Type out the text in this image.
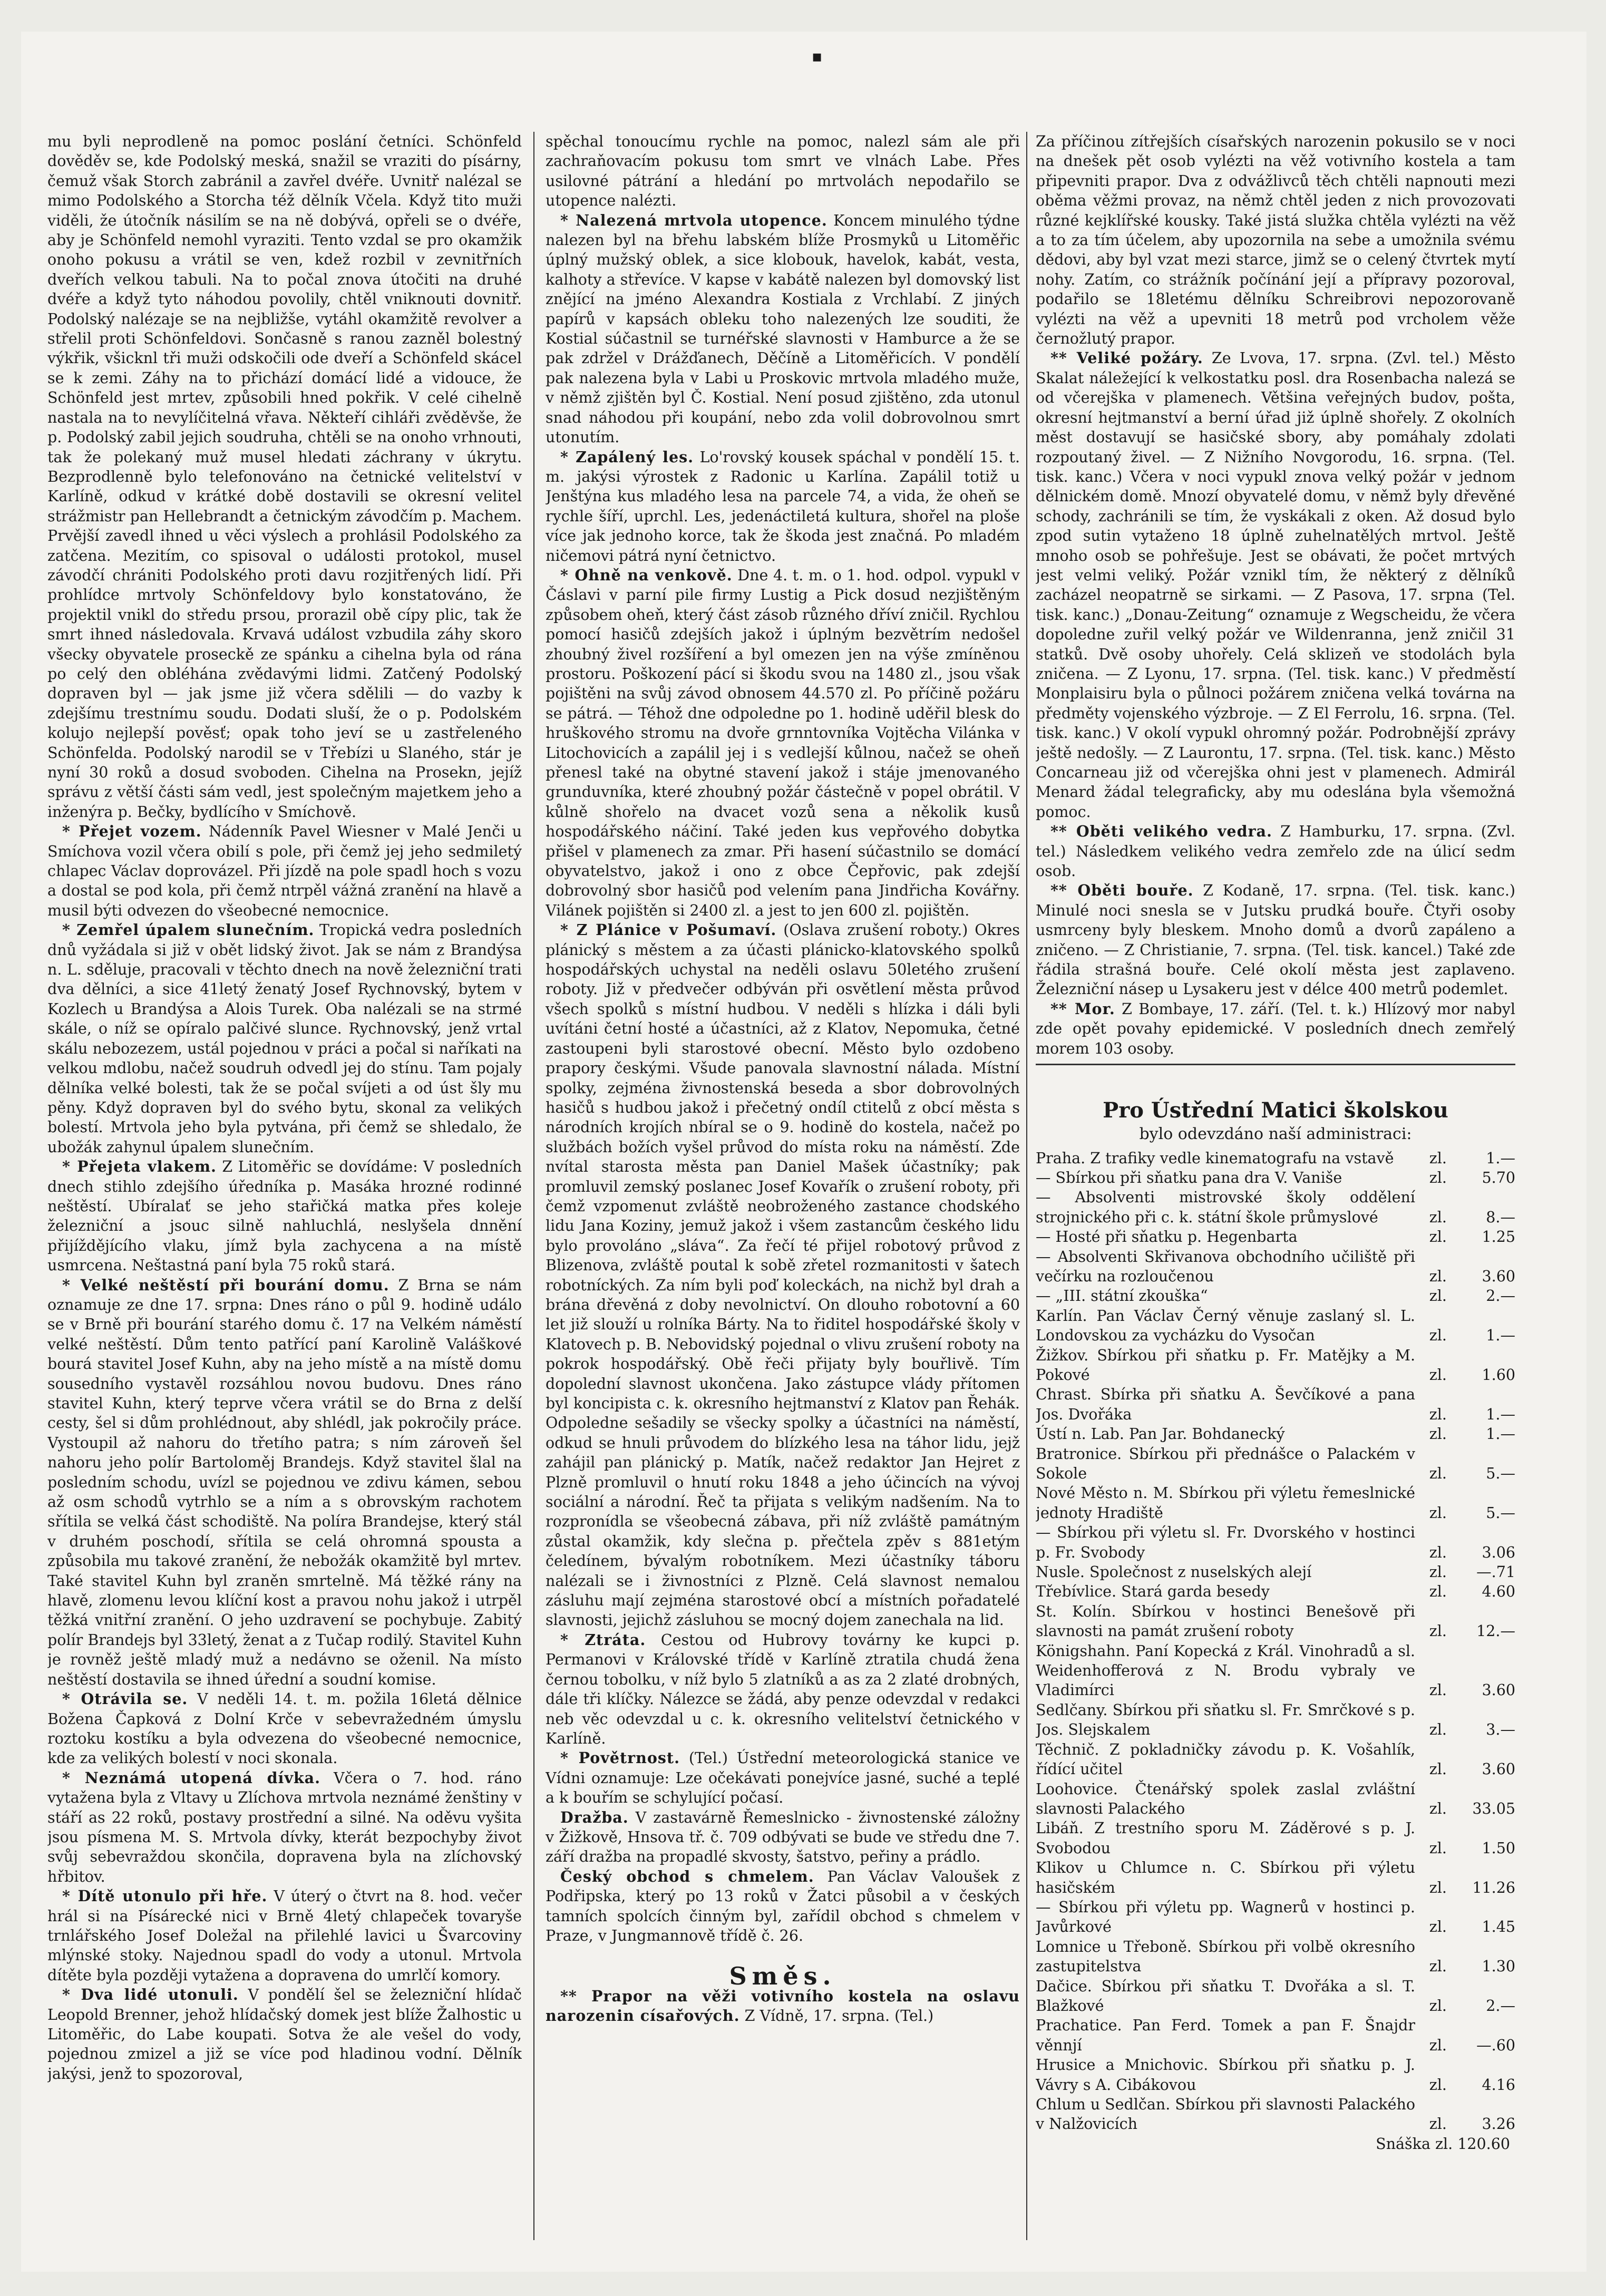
▪

mu byli neprodleně na pomoc poslání četníci. Schönfeld dověděv se, kde Podolský meská, snažil se vraziti do písárny, čemuž však Storch zabránil a zavřel dvéře. Uvnitř nalézal se mimo Podolského a Storcha též dělník Včela. Když tito muži viděli, že útočník násilím se na ně dobývá, opřeli se o dvéře, aby je Schönfeld nemohl vyraziti. Tento vzdal se pro okamžik onoho pokusu a vrátil se ven, kdež rozbil v zevnitřních dveřích velkou tabuli. Na to počal znova útočiti na druhé dvéře a když tyto náhodou povolily, chtěl vniknouti dovnitř. Podolský nalézaje se na nejbližše, vytáhl okamžitě revolver a střelil proti Schönfeldovi. Sončasně s ranou zazněl bolestný výkřik, všicknl tři muži odskočili ode dveří a Schönfeld skácel se k zemi. Záhy na to přichází domácí lidé a vidouce, že Schönfeld jest mrtev, způsobili hned pokřik. V celé cihelně nastala na to nevylíčitelná vřava. Někteří cihláři zvěděvše, že p. Podolský zabil jejich soudruha, chtěli se na onoho vrhnouti, tak že polekaný muž musel hledati záchrany v úkrytu. Bezprodlenně bylo telefonováno na četnické velitelství v Karlíně, odkud v krátké době dostavili se okresní velitel strážmistr pan Hellebrandt a četnickým závodčím p. Machem. Prvější zavedl ihned u věci výslech a prohlásil Podolského za zatčena. Mezitím, co spisoval o události protokol, musel závodčí chrániti Podolského proti davu rozjitřených lidí. Při prohlídce mrtvoly Schönfeldovy bylo konstatováno, že projektil vnikl do středu prsou, prorazil obě cípy plic, tak že smrt ihned následovala. Krvavá událost vzbudila záhy skoro všecky obyvatele proseckě ze spánku a cihelna byla od rána po celý den obléhána zvědavými lidmi. Zatčený Podolský dopraven byl — jak jsme již včera sdělili — do vazby k zdejšímu trestnímu soudu. Dodati sluší, že o p. Podolském kolujo nejlepší pověsť; opak toho jeví se u zastřeleného Schönfelda. Podolský narodil se v Třebízi u Slaného, stár je nyní 30 roků a dosud svoboden. Cihelna na Prosekn, jejíž správu z větší části sám vedl, jest společným majetkem jeho a inženýra p. Bečky, bydlícího v Smíchově.

* Přejet vozem. Nádenník Pavel Wiesner v Malé Jenči u Smíchova vozil včera obilí s pole, při čemž jej jeho sedmiletý chlapec Václav doprovázel. Při jízdě na pole spadl hoch s vozu a dostal se pod kola, při čemž ntrpěl vážná zranění na hlavě a musil býti odvezen do všeobecné nemocnice.

* Zemřel úpalem slunečním. Tropická vedra posledních dnů vyžádala si již v obět lidský život. Jak se nám z Brandýsa n. L. sděluje, pracovali v těchto dnech na nově železniční trati dva dělníci, a sice 41letý ženatý Josef Rychnovský, bytem v Kozlech u Brandýsa a Alois Turek. Oba nalézali se na strmé skále, o níž se opíralo palčivé slunce. Rychnovský, jenž vrtal skálu nebozezem, ustál pojednou v práci a počal si naříkati na velkou mdlobu, načež soudruh odvedl jej do stínu. Tam pojaly dělníka velké bolesti, tak že se počal svíjeti a od úst šly mu pěny. Když dopraven byl do svého bytu, skonal za velikých bolestí. Mrtvola jeho byla pytvána, při čemž se shledalo, že ubožák zahynul úpalem slunečním.

* Přejeta vlakem. Z Litoměřic se dovídáme: V posledních dnech stihlo zdejšího úředníka p. Masáka hrozné rodinné neštěstí. Ubíralať se jeho stařičká matka přes koleje železniční a jsouc silně nahluchlá, neslyšela dnnění přijíždějícího vlaku, jímž byla zachycena a na místě usmrcena. Neštastná paní byla 75 roků stará.

* Velké neštěstí při bourání domu. Z Brna se nám oznamuje ze dne 17. srpna: Dnes ráno o půl 9. hodině událo se v Brně při bourání starého domu č. 17 na Velkém náměstí velké neštěstí. Dům tento patřící paní Karolině Valáškové bourá stavitel Josef Kuhn, aby na jeho místě a na místě domu sousedního vystavěl rozsáhlou novou budovu. Dnes ráno stavitel Kuhn, který teprve včera vrátil se do Brna z delší cesty, šel si dům prohlédnout, aby shlédl, jak pokročily práce. Vystoupil až nahoru do třetího patra; s ním zároveň šel nahoru jeho polír Bartoloměj Brandejs. Když stavitel šlal na posledním schodu, uvízl se pojednou ve zdivu kámen, sebou až osm schodů vytrhlo se a ním a s obrovským rachotem sřítila se velká část schodiště. Na políra Brandejse, který stál v druhém poschodí, sřítila se celá ohromná spousta a způsobila mu takové zranění, že nebožák okamžitě byl mrtev. Také stavitel Kuhn byl zraněn smrtelně. Má těžké rány na hlavě, zlomenu levou klíční kost a pravou nohu jakož i utrpěl těžká vnitřní zranění. O jeho uzdravení se pochybuje. Zabitý polír Brandejs byl 33letý, ženat a z Tučap rodilý. Stavitel Kuhn je rovněž ještě mladý muž a nedávno se oženil. Na místo neštěstí dostavila se ihned úřední a soudní komise.

* Otrávila se. V neděli 14. t. m. požila 16letá dělnice Božena Čapková z Dolní Krče v sebevražedném úmyslu roztoku kostíku a byla odvezena do všeobecné nemocnice, kde za velikých bolestí v noci skonala.

* Neznámá utopená dívka. Včera o 7. hod. ráno vytažena byla z Vltavy u Zlíchova mrtvola neznámé ženštiny v stáří as 22 roků, postavy prostřední a silné. Na oděvu vyšita jsou písmena M. S. Mrtvola dívky, kterát bezpochyby život svůj sebevraždou skončila, dopravena byla na zlíchovský hřbitov.

* Dítě utonulo při hře. V úterý o čtvrt na 8. hod. večer hrál si na Písárecké nici v Brně 4letý chlapeček tovaryše trnlářského Josef Doležal na přilehlé lavici u Švarcoviny mlýnské stoky. Najednou spadl do vody a utonul. Mrtvola dítěte byla později vytažena a dopravena do umrlčí komory.

* Dva lidé utonuli. V pondělí šel se železniční hlídač Leopold Brenner, jehož hlídačský domek jest blíže Žalhostic u Litoměřic, do Labe koupati. Sotva že ale vešel do vody, pojednou zmizel a již se více pod hladinou vodní. Dělník jakýsi, jenž to spozoroval,

spěchal tonoucímu rychle na pomoc, nalezl sám ale při zachraňovacím pokusu tom smrt ve vlnách Labe. Přes usilovné pátrání a hledání po mrtvolách nepodařilo se utopence nalézti.

* Nalezená mrtvola utopence. Koncem minulého týdne nalezen byl na břehu labském blíže Prosmyků u Litoměřic úplný mužský oblek, a sice klobouk, havelok, kabát, vesta, kalhoty a střevíce. V kapse v kabátě nalezen byl domovský list znějící na jméno Alexandra Kostiala z Vrchlabí. Z jiných papírů v kapsách obleku toho nalezených lze souditi, že Kostial súčastnil se turnéřské slavnosti v Hamburce a že se pak zdržel v Drážďanech, Děčíně a Litoměřicích. V pondělí pak nalezena byla v Labi u Proskovic mrtvola mladého muže, v němž zjištěn byl Č. Kostial. Není posud zjištěno, zda utonul snad náhodou při koupání, nebo zda volil dobrovolnou smrt utonutím.

* Zapálený les. Lo'rovský kousek spáchal v pondělí 15. t. m. jakýsi výrostek z Radonic u Karlína. Zapálil totiž u Jenštýna kus mladého lesa na parcele 74, a vida, že oheň se rychle šíří, uprchl. Les, jedenáctiletá kultura, shořel na ploše více jak jednoho korce, tak že škoda jest značná. Po mladém ničemovi pátrá nyní četnictvo.

* Ohně na venkově. Dne 4. t. m. o 1. hod. odpol. vypukl v Čáslavi v parní pile firmy Lustig a Pick dosud nezjištěným způsobem oheň, který část zásob různého dříví zničil. Rychlou pomocí hasičů zdejších jakož i úplným bezvětrím nedošel zhoubný živel rozšíření a byl omezen jen na výše zmíněnou prostoru. Poškození pácí si škodu svou na 1480 zl., jsou však pojištěni na svůj závod obnosem 44.570 zl. Po příčině požáru se pátrá. — Téhož dne odpoledne po 1. hodině uděřil blesk do hruškového stromu na dvoře grnntovníka Vojtěcha Vilánka v Litochovicích a zapálil jej i s vedlejší kůlnou, načež se oheň přenesl také na obytné stavení jakož i stáje jmenovaného grunduvníka, které zhoubný požár částečně v popel obrátil. V kůlně shořelo na dvacet vozů sena a několik kusů hospodářského náčiní. Také jeden kus vepřového dobytka přišel v plamenech za zmar. Při hasení súčastnilo se domácí obyvatelstvo, jakož i ono z obce Čepřovic, pak zdejší dobrovolný sbor hasičů pod velením pana Jindřicha Kovářny. Vilánek pojištěn si 2400 zl. a jest to jen 600 zl. pojištěn.

* Z Plánice v Pošumaví. (Oslava zrušení roboty.) Okres plánický s městem a za účasti plánicko-klatovského spolků hospodářských uchystal na neděli oslavu 50letého zrušení roboty. Již v předvečer odbýván při osvětlení města průvod všech spolků s místní hudbou. V neděli s hlízka i dáli byli uvítáni četní hosté a účastníci, až z Klatov, Nepomuka, četné zastoupeni byli starostové obecní. Město bylo ozdobeno prapory českými. Všude panovala slavnostní nálada. Místní spolky, zejména živnostenská beseda a sbor dobrovolných hasičů s hudbou jakož i přečetný ondíl ctitelů z obcí města s národních krojích nbíral se o 9. hodině do kostela, načež po službách božích vyšel průvod do místa roku na náměstí. Zde nvítal starosta města pan Daniel Mašek účastníky; pak promluvil zemský poslanec Josef Kovařík o zrušení roboty, při čemž vzpomenut zvláště neobroženého zastance chodského lidu Jana Koziny, jemuž jakož i všem zastancům českého lidu bylo provoláno „sláva“. Za řečí té přijel robotový průvod z Blizenova, zvláště poutal k sobě zřetel rozmanitosti v šatech robotníckých. Za ním byli poď koleckách, na nichž byl drah a brána dřevěná z doby nevolnictví. On dlouho robotovní a 60 let již slouží u rolníka Bárty. Na to řiditel hospodářské školy v Klatovech p. B. Nebovidský pojednal o vlivu zrušení roboty na pokrok hospodářský. Obě řeči přijaty byly bouřlivě. Tím dopolední slavnost ukončena. Jako zástupce vlády přítomen byl koncipista c. k. okresního hejtmanství z Klatov pan Řehák. Odpoledne sešadily se všecky spolky a účastníci na náměstí, odkud se hnuli průvodem do blízkého lesa na táhor lidu, jejž zahájil pan plánický p. Matík, načež redaktor Jan Hejret z Plzně promluvil o hnutí roku 1848 a jeho účincích na vývoj sociální a národní. Řeč ta přijata s velikým nadšením. Na to rozpronídla se všeobecná zábava, při níž zvláště památným zůstal okamžik, kdy slečna p. přečtela zpěv s 881etým čeledínem, bývalým robotníkem. Mezi účastníky táboru nalézali se i živnostníci z Plzně. Celá slavnost nemalou zásluhu mají zejména starostové obcí a místních pořadatelé slavnosti, jejichž zásluhou se mocný dojem zanechala na lid.

* Ztráta. Cestou od Hubrovy továrny ke kupci p. Permanovi v Královské třídě v Karlíně ztratila chudá žena černou tobolku, v níž bylo 5 zlatníků a as za 2 zlaté drobných, dále tři klíčky. Nálezce se žádá, aby penze odevzdal v redakci neb věc odevzdal u c. k. okresního velitelství četnického v Karlíně.

* Povětrnost. (Tel.) Ústřední meteorologická stanice ve Vídni oznamuje: Lze očekávati ponejvíce jasné, suché a teplé a k bouřím se schylující počasí.

Dražba. V zastavárně Řemeslnicko - živnostenské záložny v Žižkově, Hnsova tř. č. 709 odbývati se bude ve středu dne 7. září dražba na propadlé skvosty, šatstvo, peřiny a prádlo.

Český obchod s chmelem. Pan Václav Valoušek z Podřipska, který po 13 roků v Žatci působil a v českých tamních spolcích činným byl, zařídil obchod s chmelem v Praze, v Jungmannově třídě č. 26.

Směs.

** Prapor na věži votivního kostela na oslavu narozenin císařových. Z Vídně, 17. srpna. (Tel.)

Za příčinou zítřejších císařských narozenin pokusilo se v noci na dnešek pět osob vylézti na věž votivního kostela a tam připevniti prapor. Dva z odvážlivců těch chtěli napnouti mezi oběma věžmi provaz, na němž chtěl jeden z nich provozovati různé kejklířské kousky. Také jistá služka chtěla vylézti na věž a to za tím účelem, aby upozornila na sebe a umožnila svému dědovi, aby byl vzat mezi starce, jimž se o celený čtvrtek mytí nohy. Zatím, co strážník počínání její a přípravy pozoroval, podařilo se 18letému dělníku Schreibrovi nepozorovaně vylézti na věž a upevniti 18 metrů pod vrcholem věže černožlutý prapor.

** Veliké požáry. Ze Lvova, 17. srpna. (Zvl. tel.) Město Skalat náležející k velkostatku posl. dra Rosenbacha nalezá se od včerejška v plamenech. Většina veřejných budov, pošta, okresní hejtmanství a berní úřad již úplně shořely. Z okolních měst dostavují se hasičské sbory, aby pomáhaly zdolati rozpoutaný živel. — Z Nižního Novgorodu, 16. srpna. (Tel. tisk. kanc.) Včera v noci vypukl znova velký požár v jednom dělnickém domě. Mnozí obyvatelé domu, v němž byly dřevěné schody, zachránili se tím, že vyskákali z oken. Až dosud bylo zpod sutin vytaženo 18 úplně zuhelnatělých mrtvol. Ještě mnoho osob se pohřešuje. Jest se obávati, že počet mrtvých jest velmi veliký. Požár vznikl tím, že některý z dělníků zacházel neopatrně se sirkami. — Z Pasova, 17. srpna (Tel. tisk. kanc.) „Donau-Zeitung“ oznamuje z Wegscheidu, že včera dopoledne zuřil velký požár ve Wildenranna, jenž zničil 31 statků. Dvě osoby uhořely. Celá sklizeň ve stodolách byla zničena. — Z Lyonu, 17. srpna. (Tel. tisk. kanc.) V předměstí Monplaisiru byla o půlnoci požárem zničena velká továrna na předměty vojenského výzbroje. — Z El Ferrolu, 16. srpna. (Tel. tisk. kanc.) V okolí vypukl ohromný požár. Podrobnější zprávy ještě nedošly. — Z Laurontu, 17. srpna. (Tel. tisk. kanc.) Město Concarneau již od včerejška ohni jest v plamenech. Admirál Menard žádal telegraficky, aby mu odeslána byla všemožná pomoc.

** Oběti velikého vedra. Z Hamburku, 17. srpna. (Zvl. tel.) Následkem velikého vedra zemřelo zde na úlicí sedm osob.

** Oběti bouře. Z Kodaně, 17. srpna. (Tel. tisk. kanc.) Minulé noci snesla se v Jutsku prudká bouře. Čtyři osoby usmrceny byly bleskem. Mnoho domů a dvorů zapáleno a zničeno. — Z Christianie, 7. srpna. (Tel. tisk. kancel.) Také zde řádila strašná bouře. Celé okolí města jest zaplaveno. Železniční násep u Lysakeru jest v délce 400 metrů podemlet.

** Mor. Z Bombaye, 17. září. (Tel. t. k.) Hlízový mor nabyl zde opět povahy epidemické. V posledních dnech zemřelý morem 103 osoby.

Pro Ústřední Matici školskou
bylo odevzdáno naší administraci:
Praha. Z trafiky vedle kinematografu na vstavě	zl.	1.—
— Sbírkou při sňatku pana dra V. Vaniše	zl.	5.70
— Absolventi mistrovské školy oddělení strojnického při c. k. státní škole průmyslové	zl.	8.—
— Hosté při sňatku p. Hegenbarta	zl.	1.25
— Absolventi Skřivanova obchodního učiliště při večírku na rozloučenou	zl.	3.60
— „III. státní zkouška“	zl.	2.—
Karlín. Pan Václav Černý věnuje zaslaný sl. L. Londovskou za vycházku do Vysočan	zl.	1.—
Žižkov. Sbírkou při sňatku p. Fr. Matějky a M. Pokové	zl.	1.60
Chrast. Sbírka při sňatku A. Ševčíkové a pana Jos. Dvořáka	zl.	1.—
Ústí n. Lab. Pan Jar. Bohdanecký	zl.	1.—
Bratronice. Sbírkou při přednášce o Palackém v Sokole	zl.	5.—
Nové Město n. M. Sbírkou při výletu řemeslnické jednoty Hradiště	zl.	5.—
— Sbírkou při výletu sl. Fr. Dvorského v hostinci p. Fr. Svobody	zl.	3.06
Nusle. Společnost z nuselských alejí	zl.	—.71
Třebívlice. Stará garda besedy	zl.	4.60
St. Kolín. Sbírkou v hostinci Benešově při slavnosti na památ zrušení roboty	zl.	12.—
Königshahn. Paní Kopecká z Král. Vinohradů a sl. Weidenhofferová z N. Brodu vybraly ve Vladimírci	zl.	3.60
Sedlčany. Sbírkou při sňatku sl. Fr. Smrčkové s p. Jos. Slejskalem	zl.	3.—
Těchnič. Z pokladničky závodu p. K. Vošahlík, řídící učitel	zl.	3.60
Loohovice. Čtenářský spolek zaslal zvláštní slavnosti Palackého	zl.	33.05
Libáň. Z trestního sporu M. Záděrové s p. J. Svobodou	zl.	1.50
Klikov u Chlumce n. C. Sbírkou při výletu hasičském	zl.	11.26
— Sbírkou při výletu pp. Wagnerů v hostinci p. Javůrkové	zl.	1.45
Lomnice u Třeboně. Sbírkou při volbě okresního zastupitelstva	zl.	1.30
Dačice. Sbírkou při sňatku T. Dvořáka a sl. T. Blažkové	zl.	2.—
Prachatice. Pan Ferd. Tomek a pan F. Šnajdr věnnjí	zl.	—.60
Hrusice a Mnichovic. Sbírkou při sňatku p. J. Vávry s A. Cibákovou	zl.	4.16
Chlum u Sedlčan. Sbírkou při slavnosti Palackého v Nalžovicích	zl.	3.26
Snáška zl. 120.60
